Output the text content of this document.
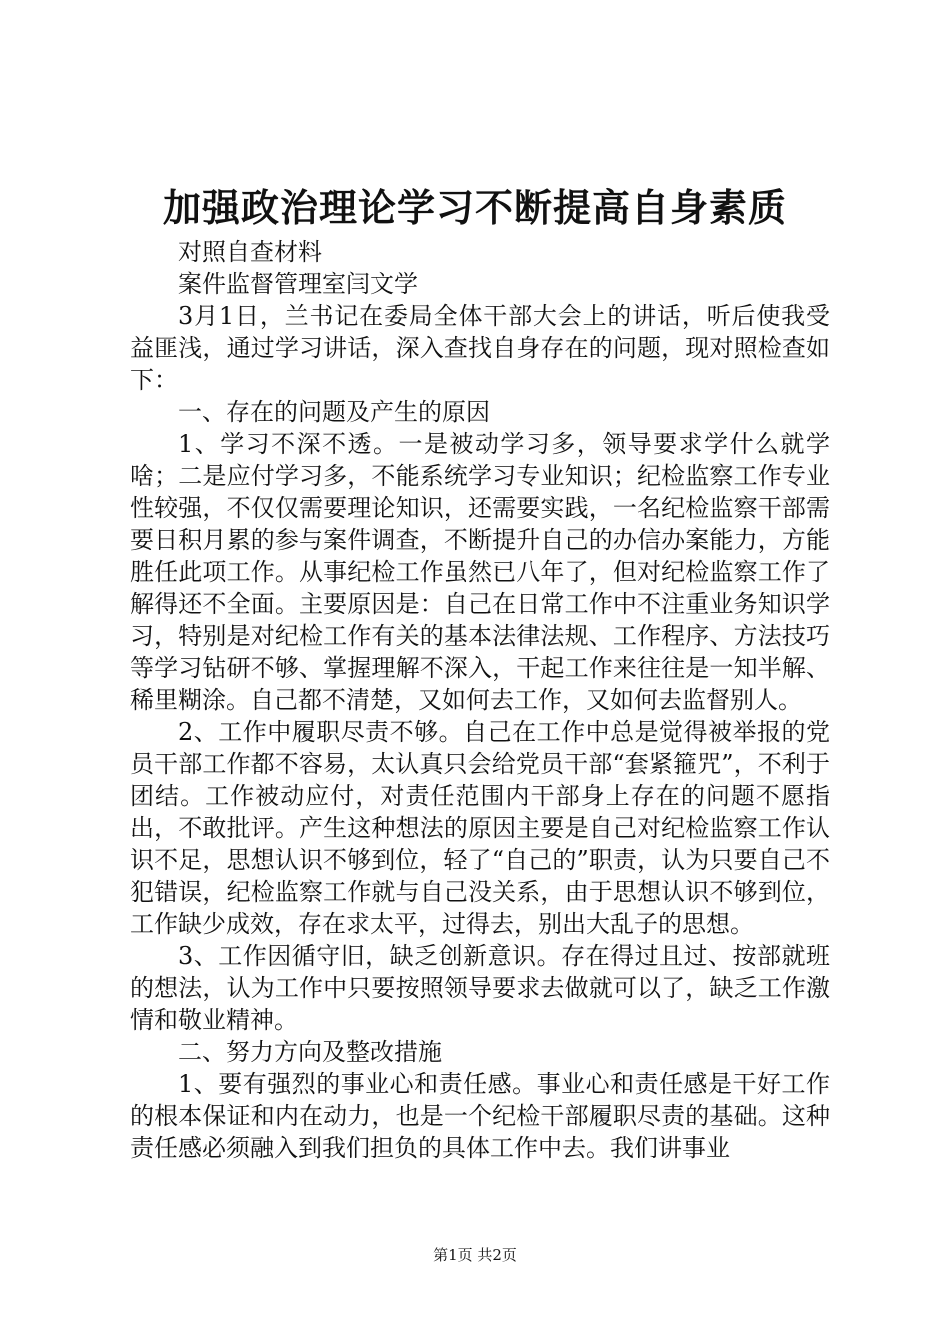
加强政治理论学习不断提高自身素质

对照自查材料

案件监督管理室闫文学

3月1日，兰书记在委局全体干部大会上的讲话，听后使我受益匪浅，通过学习讲话，深入查找自身存在的问题，现对照检查如下：

一、存在的问题及产生的原因

1、学习不深不透。一是被动学习多，领导要求学什么就学啥；二是应付学习多，不能系统学习专业知识；纪检监察工作专业性较强，不仅仅需要理论知识，还需要实践，一名纪检监察干部需要日积月累的参与案件调查，不断提升自己的办信办案能力，方能胜任此项工作。从事纪检工作虽然已八年了，但对纪检监察工作了解得还不全面。主要原因是：自己在日常工作中不注重业务知识学习，特别是对纪检工作有关的基本法律法规、工作程序、方法技巧等学习钻研不够、掌握理解不深入，干起工作来往往是一知半解、稀里糊涂。自己都不清楚，又如何去工作，又如何去监督别人。

2、工作中履职尽责不够。自己在工作中总是觉得被举报的党员干部工作都不容易，太认真只会给党员干部“套紧箍咒”，不利于团结。工作被动应付，对责任范围内干部身上存在的问题不愿指出，不敢批评。产生这种想法的原因主要是自己对纪检监察工作认识不足，思想认识不够到位，轻了“自己的”职责，认为只要自己不犯错误，纪检监察工作就与自己没关系，由于思想认识不够到位，工作缺少成效，存在求太平，过得去，别出大乱子的思想。

3、工作因循守旧，缺乏创新意识。存在得过且过、按部就班的想法，认为工作中只要按照领导要求去做就可以了，缺乏工作激情和敬业精神。

二、努力方向及整改措施

1、要有强烈的事业心和责任感。事业心和责任感是干好工作的根本保证和内在动力，也是一个纪检干部履职尽责的基础。这种责任感必须融入到我们担负的具体工作中去。我们讲事业

第1页 共2页
